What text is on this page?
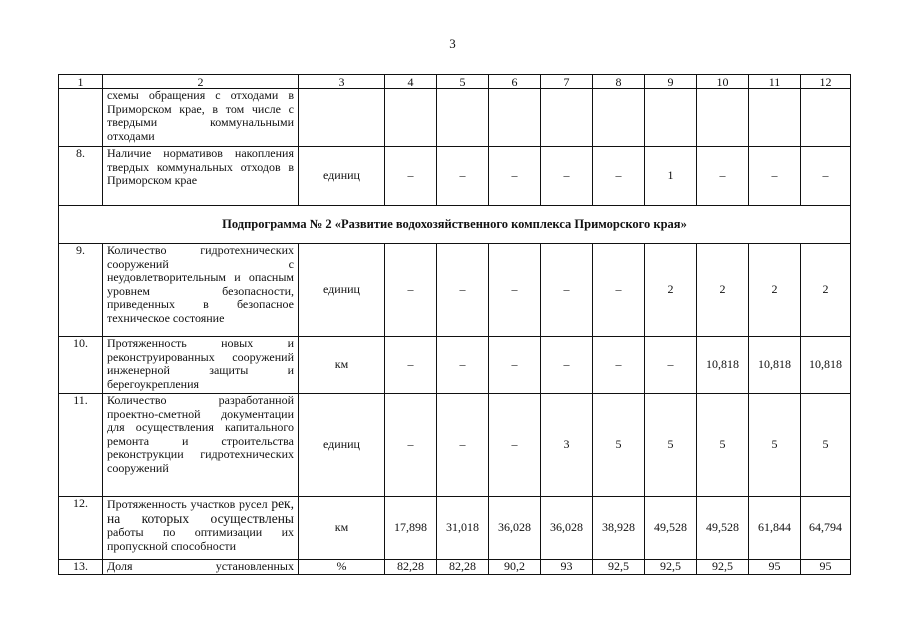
3
1	2	3	4	5	6	7	8	9	10	11	12
	схемы обращения с отходами в Приморском крае, в том числе с твердыми коммунальными отходами										
8.	Наличие нормативов накопления твердых коммунальных отходов в Приморском крае	единиц	–	–	–	–	–	1	–	–	–
Подпрограмма № 2 «Развитие водохозяйственного комплекса Приморского края»											
9.	Количество гидротехнических сооружений с неудовлетворительным и опасным уровнем безопасности, приведенных в безопасное техническое состояние	единиц	–	–	–	–	–	2	2	2	2
10.	Протяженность новых и реконструированных сооружений инженерной защиты и берегоукрепления	км	–	–	–	–	–	–	10,818	10,818	10,818
11.	Количество разработанной проектно-сметной документации для осуществления капитального ремонта и строительства реконструкции гидротехнических сооружений	единиц	–	–	–	3	5	5	5	5	5
12.	Протяженность участков русел рек, на которых осуществлены работы по оптимизации их пропускной способности	км	17,898	31,018	36,028	36,028	38,928	49,528	49,528	61,844	64,794
13.	Доля установленных	%	82,28	82,28	90,2	93	92,5	92,5	92,5	95	95
